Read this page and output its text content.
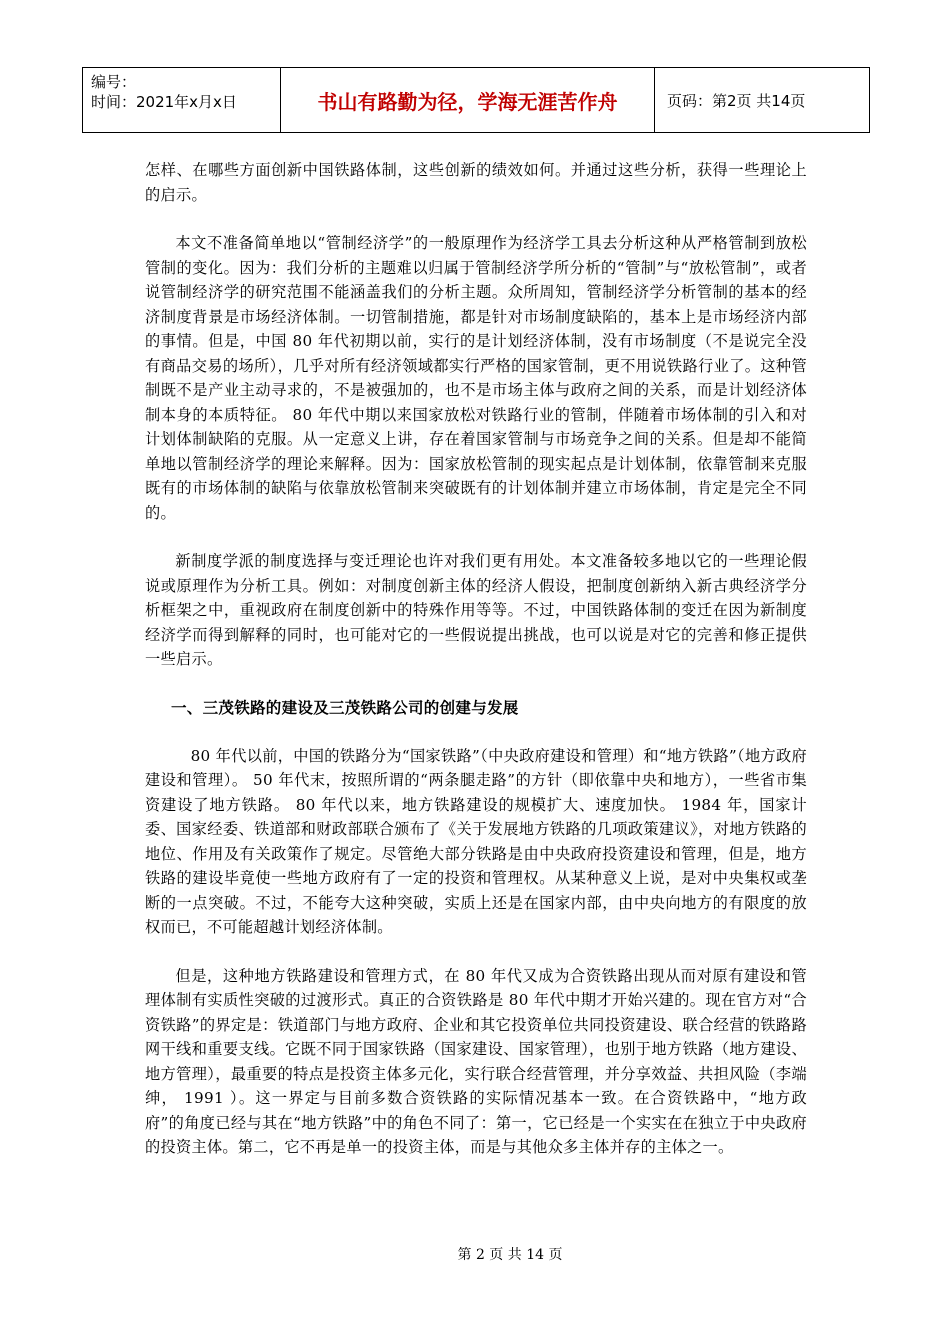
编号：
时间：2021年x月x日	书山有路勤为径，学海无涯苦作舟	页码：第2页 共14页

怎样、在哪些方面创新中国铁路体制，这些创新的绩效如何。并通过这些分析，获得一些理论上的启示。

本文不准备简单地以“管制经济学”的一般原理作为经济学工具去分析这种从严格管制到放松管制的变化。因为：我们分析的主题难以归属于管制经济学所分析的“管制”与“放松管制”，或者说管制经济学的研究范围不能涵盖我们的分析主题。众所周知，管制经济学分析管制的基本的经济制度背景是市场经济体制。一切管制措施，都是针对市场制度缺陷的，基本上是市场经济内部的事情。但是，中国 80 年代初期以前，实行的是计划经济体制，没有市场制度（不是说完全没有商品交易的场所），几乎对所有经济领域都实行严格的国家管制，更不用说铁路行业了。这种管制既不是产业主动寻求的，不是被强加的，也不是市场主体与政府之间的关系，而是计划经济体制本身的本质特征。 80 年代中期以来国家放松对铁路行业的管制，伴随着市场体制的引入和对计划体制缺陷的克服。从一定意义上讲，存在着国家管制与市场竞争之间的关系。但是却不能简单地以管制经济学的理论来解释。因为：国家放松管制的现实起点是计划体制，依靠管制来克服既有的市场体制的缺陷与依靠放松管制来突破既有的计划体制并建立市场体制，肯定是完全不同的。

新制度学派的制度选择与变迁理论也许对我们更有用处。本文准备较多地以它的一些理论假说或原理作为分析工具。例如：对制度创新主体的经济人假设，把制度创新纳入新古典经济学分析框架之中，重视政府在制度创新中的特殊作用等等。不过，中国铁路体制的变迁在因为新制度经济学而得到解释的同时，也可能对它的一些假说提出挑战，也可以说是对它的完善和修正提供一些启示。

一、三茂铁路的建设及三茂铁路公司的创建与发展

80 年代以前，中国的铁路分为“国家铁路”（中央政府建设和管理）和“地方铁路”（地方政府建设和管理）。 50 年代末，按照所谓的“两条腿走路”的方针（即依靠中央和地方），一些省市集资建设了地方铁路。 80 年代以来，地方铁路建设的规模扩大、速度加快。 1984 年，国家计委、国家经委、铁道部和财政部联合颁布了《关于发展地方铁路的几项政策建议》，对地方铁路的地位、作用及有关政策作了规定。尽管绝大部分铁路是由中央政府投资建设和管理，但是，地方铁路的建设毕竟使一些地方政府有了一定的投资和管理权。从某种意义上说，是对中央集权或垄断的一点突破。不过，不能夸大这种突破，实质上还是在国家内部，由中央向地方的有限度的放权而已，不可能超越计划经济体制。

但是，这种地方铁路建设和管理方式，在 80 年代又成为合资铁路出现从而对原有建设和管理体制有实质性突破的过渡形式。真正的合资铁路是 80 年代中期才开始兴建的。现在官方对“合资铁路”的界定是：铁道部门与地方政府、企业和其它投资单位共同投资建设、联合经营的铁路路网干线和重要支线。它既不同于国家铁路（国家建设、国家管理），也别于地方铁路（地方建设、地方管理），最重要的特点是投资主体多元化，实行联合经营管理，并分享效益、共担风险（李端绅， 1991 ）。这一界定与目前多数合资铁路的实际情况基本一致。在合资铁路中，“地方政府”的角度已经与其在“地方铁路”中的角色不同了：第一，它已经是一个实实在在独立于中央政府的投资主体。第二，它不再是单一的投资主体，而是与其他众多主体并存的主体之一。

第 2 页 共 14 页
